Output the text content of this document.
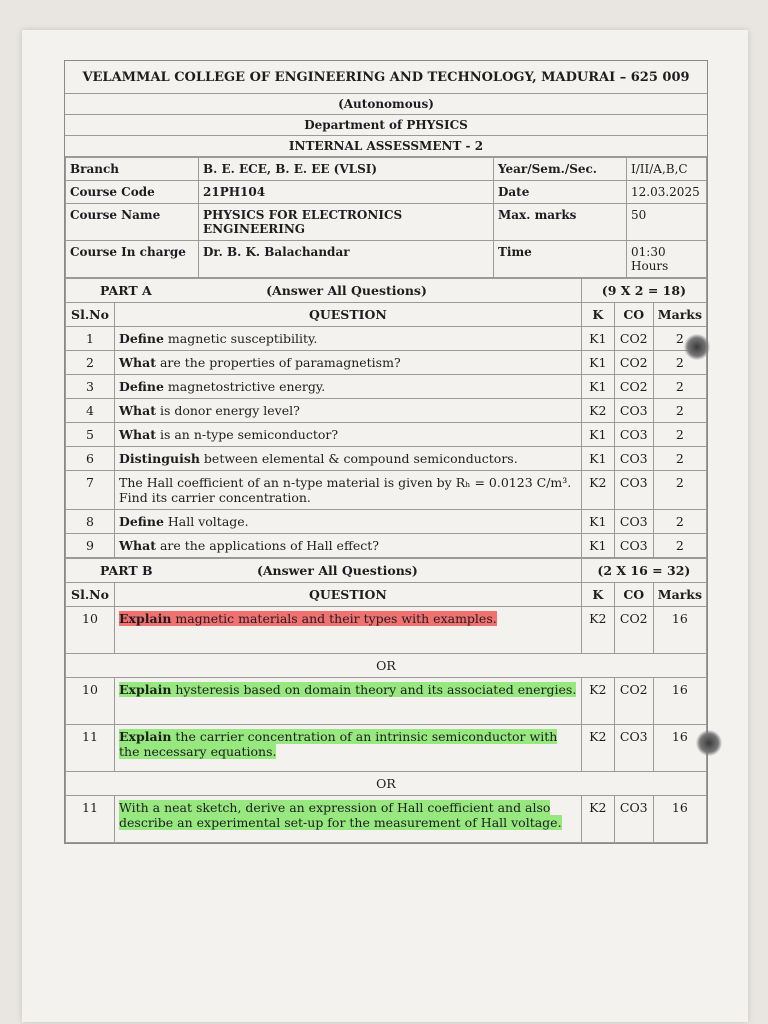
VELAMMAL COLLEGE OF ENGINEERING AND TECHNOLOGY, MADURAI – 625 009
(Autonomous)
Department of PHYSICS
INTERNAL ASSESSMENT - 2
Branch	B. E. ECE, B. E. EE (VLSI)	Year/Sem./Sec.	I/II/A,B,C
Course Code	21PH104	Date	12.03.2025
Course Name	PHYSICS FOR ELECTRONICS ENGINEERING	Max. marks	50
Course In charge	Dr. B. K. Balachandar	Time	01:30 Hours
PART A (Answer All Questions)		(9 X 2 = 18)		
Sl.No	QUESTION	K	CO	Marks
1	Define magnetic susceptibility.	K1	CO2	2
2	What are the properties of paramagnetism?	K1	CO2	2
3	Define magnetostrictive energy.	K1	CO2	2
4	What is donor energy level?	K2	CO3	2
5	What is an n-type semiconductor?	K1	CO3	2
6	Distinguish between elemental & compound semiconductors.	K1	CO3	2
7	The Hall coefficient of an n-type material is given by Rₕ = 0.0123 C/m³. Find its carrier concentration.	K2	CO3	2
8	Define Hall voltage.	K1	CO3	2
9	What are the applications of Hall effect?	K1	CO3	2
PART B (Answer All Questions)		(2 X 16 = 32)		
Sl.No	QUESTION	K	CO	Marks
10	Explain magnetic materials and their types with examples.	K2	CO2	16
OR				
10	Explain hysteresis based on domain theory and its associated energies.	K2	CO2	16
11	Explain the carrier concentration of an intrinsic semiconductor with the necessary equations.	K2	CO3	16
OR				
11	With a neat sketch, derive an expression of Hall coefficient and also describe an experimental set-up for the measurement of Hall voltage.	K2	CO3	16
